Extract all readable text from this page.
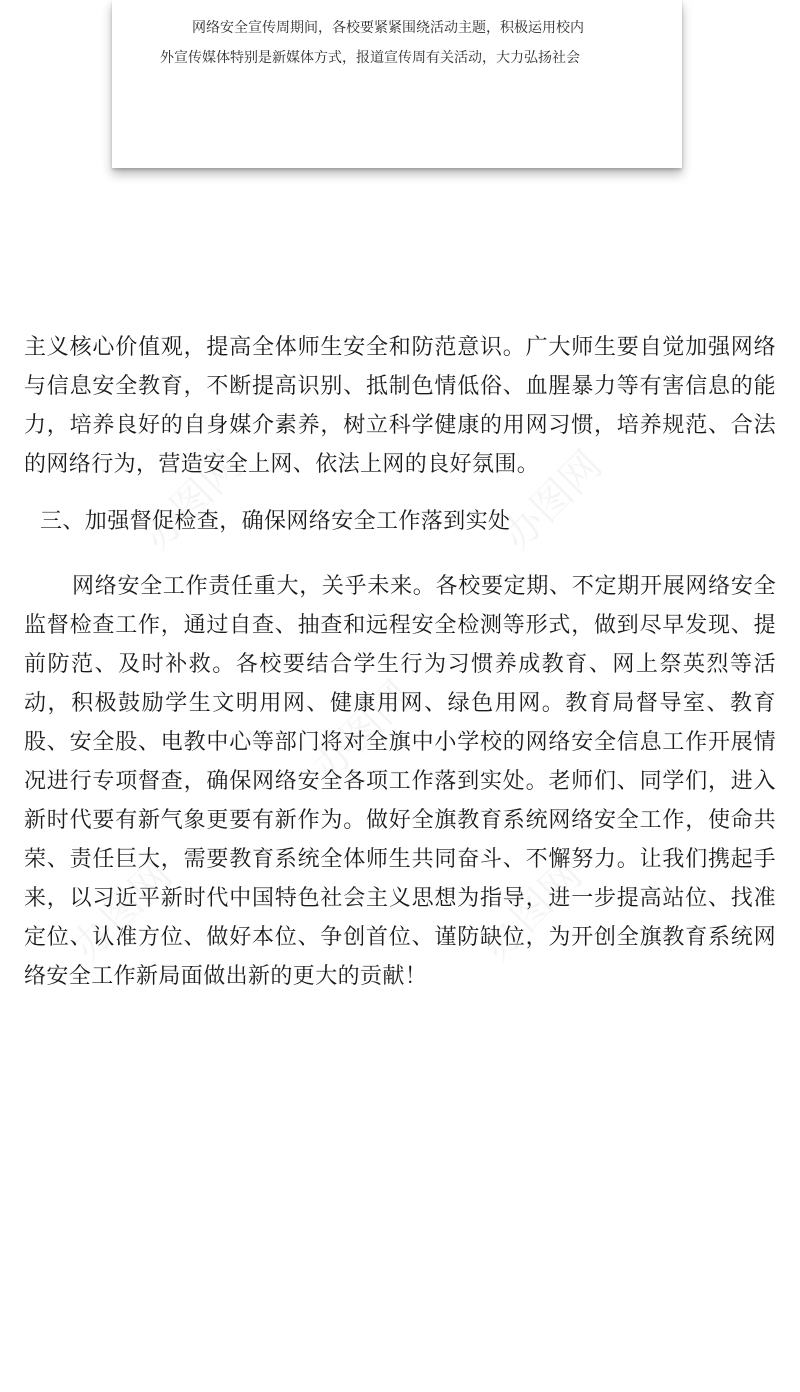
网络安全宣传周期间，各校要紧紧围绕活动主题，积极运用校内
外宣传媒体特别是新媒体方式，报道宣传周有关活动，大力弘扬社会

主义核心价值观，提高全体师生安全和防范意识。广大师生要自觉加强网络与信息安全教育，不断提高识别、抵制色情低俗、血腥暴力等有害信息的能力，培养良好的自身媒介素养，树立科学健康的用网习惯，培养规范、合法的网络行为，营造安全上网、依法上网的良好氛围。

三、加强督促检查，确保网络安全工作落到实处

网络安全工作责任重大，关乎未来。各校要定期、不定期开展网络安全监督检查工作，通过自查、抽查和远程安全检测等形式，做到尽早发现、提前防范、及时补救。各校要结合学生行为习惯养成教育、网上祭英烈等活动，积极鼓励学生文明用网、健康用网、绿色用网。教育局督导室、教育股、安全股、电教中心等部门将对全旗中小学校的网络安全信息工作开展情况进行专项督查，确保网络安全各项工作落到实处。老师们、同学们，进入新时代要有新气象更要有新作为。做好全旗教育系统网络安全工作，使命共荣、责任巨大，需要教育系统全体师生共同奋斗、不懈努力。让我们携起手来，以习近平新时代中国特色社会主义思想为指导，进一步提高站位、找准定位、认准方位、做好本位、争创首位、谨防缺位，为开创全旗教育系统网络安全工作新局面做出新的更大的贡献！
